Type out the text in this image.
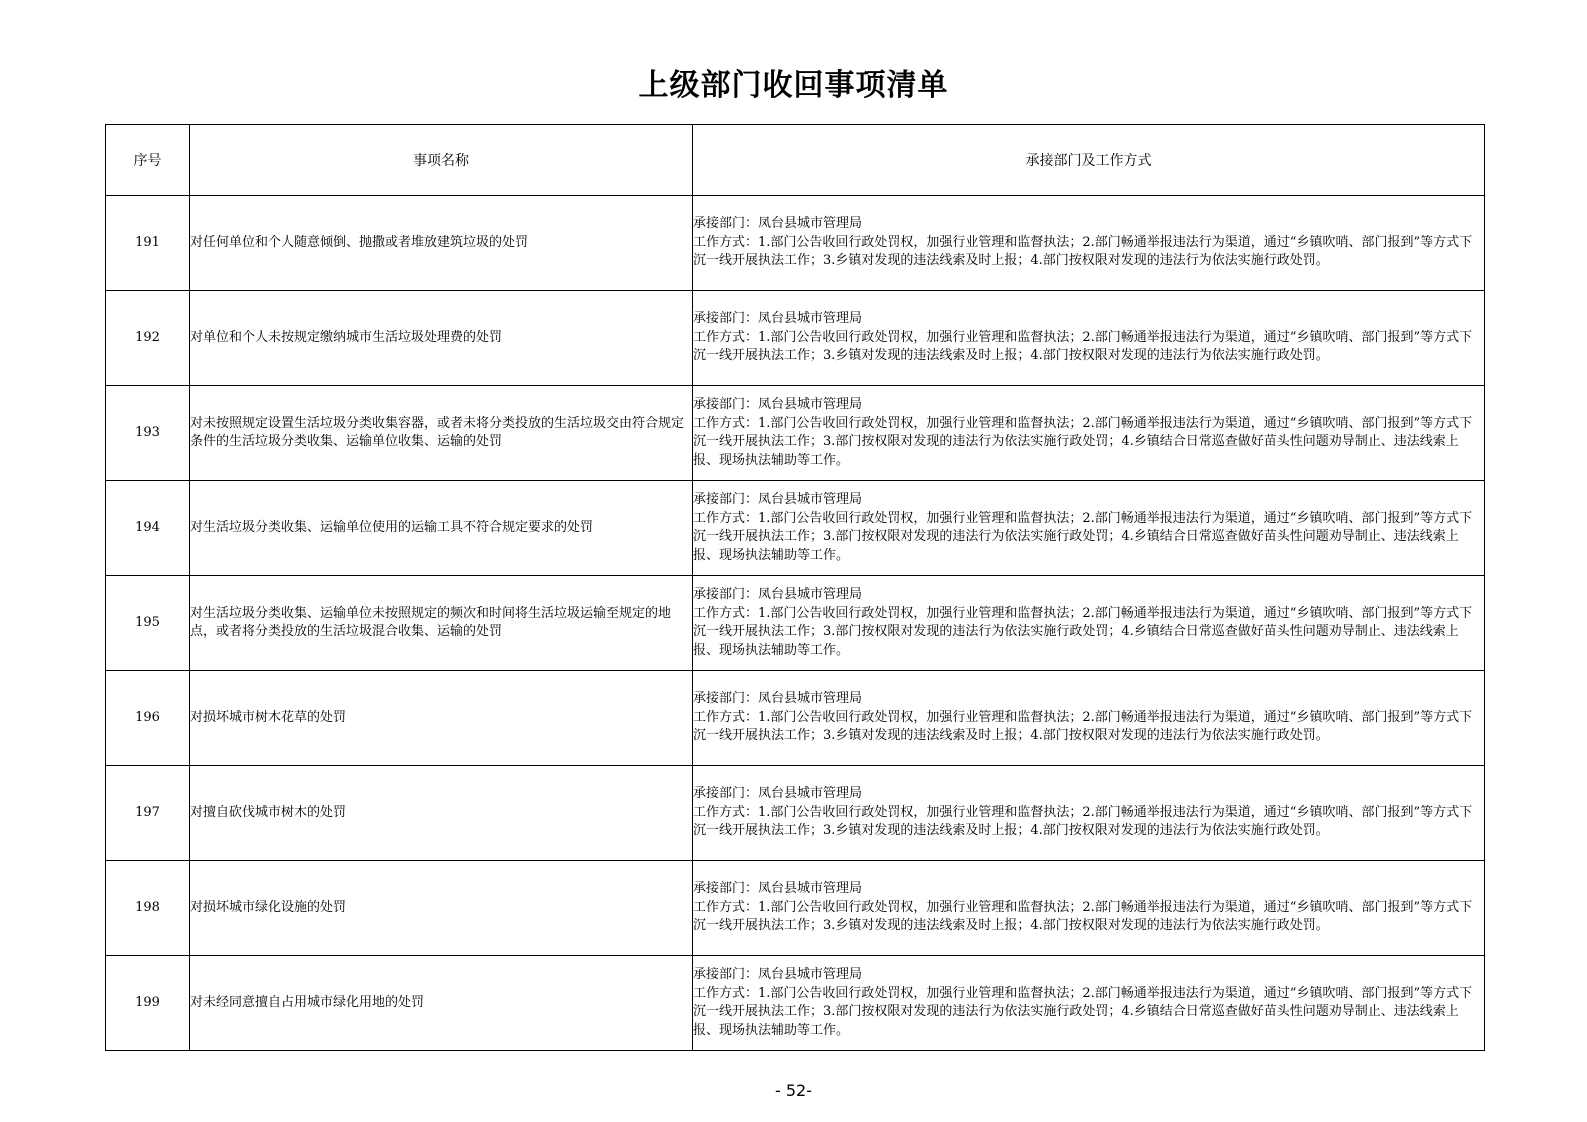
上级部门收回事项清单
序号	事项名称	承接部门及工作方式
191	对任何单位和个人随意倾倒、抛撒或者堆放建筑垃圾的处罚	承接部门：凤台县城市管理局
工作方式：1.部门公告收回行政处罚权，加强行业管理和监督执法；2.部门畅通举报违法行为渠道，通过“乡镇吹哨、部门报到”等方式下沉一线开展执法工作；3.乡镇对发现的违法线索及时上报；4.部门按权限对发现的违法行为依法实施行政处罚。

192	对单位和个人未按规定缴纳城市生活垃圾处理费的处罚	承接部门：凤台县城市管理局
工作方式：1.部门公告收回行政处罚权，加强行业管理和监督执法；2.部门畅通举报违法行为渠道，通过“乡镇吹哨、部门报到”等方式下沉一线开展执法工作；3.乡镇对发现的违法线索及时上报；4.部门按权限对发现的违法行为依法实施行政处罚。

193	对未按照规定设置生活垃圾分类收集容器，或者未将分类投放的生活垃圾交由符合规定条件的生活垃圾分类收集、运输单位收集、运输的处罚	承接部门：凤台县城市管理局
工作方式：1.部门公告收回行政处罚权，加强行业管理和监督执法；2.部门畅通举报违法行为渠道，通过“乡镇吹哨、部门报到”等方式下沉一线开展执法工作；3.部门按权限对发现的违法行为依法实施行政处罚；4.乡镇结合日常巡查做好苗头性问题劝导制止、违法线索上报、现场执法辅助等工作。

194	对生活垃圾分类收集、运输单位使用的运输工具不符合规定要求的处罚	承接部门：凤台县城市管理局
工作方式：1.部门公告收回行政处罚权，加强行业管理和监督执法；2.部门畅通举报违法行为渠道，通过“乡镇吹哨、部门报到”等方式下沉一线开展执法工作；3.部门按权限对发现的违法行为依法实施行政处罚；4.乡镇结合日常巡查做好苗头性问题劝导制止、违法线索上报、现场执法辅助等工作。

195	对生活垃圾分类收集、运输单位未按照规定的频次和时间将生活垃圾运输至规定的地点，或者将分类投放的生活垃圾混合收集、运输的处罚	承接部门：凤台县城市管理局
工作方式：1.部门公告收回行政处罚权，加强行业管理和监督执法；2.部门畅通举报违法行为渠道，通过“乡镇吹哨、部门报到”等方式下沉一线开展执法工作；3.部门按权限对发现的违法行为依法实施行政处罚；4.乡镇结合日常巡查做好苗头性问题劝导制止、违法线索上报、现场执法辅助等工作。

196	对损坏城市树木花草的处罚	承接部门：凤台县城市管理局
工作方式：1.部门公告收回行政处罚权，加强行业管理和监督执法；2.部门畅通举报违法行为渠道，通过“乡镇吹哨、部门报到”等方式下沉一线开展执法工作；3.乡镇对发现的违法线索及时上报；4.部门按权限对发现的违法行为依法实施行政处罚。

197	对擅自砍伐城市树木的处罚	承接部门：凤台县城市管理局
工作方式：1.部门公告收回行政处罚权，加强行业管理和监督执法；2.部门畅通举报违法行为渠道，通过“乡镇吹哨、部门报到”等方式下沉一线开展执法工作；3.乡镇对发现的违法线索及时上报；4.部门按权限对发现的违法行为依法实施行政处罚。

198	对损坏城市绿化设施的处罚	承接部门：凤台县城市管理局
工作方式：1.部门公告收回行政处罚权，加强行业管理和监督执法；2.部门畅通举报违法行为渠道，通过“乡镇吹哨、部门报到”等方式下沉一线开展执法工作；3.乡镇对发现的违法线索及时上报；4.部门按权限对发现的违法行为依法实施行政处罚。

199	对未经同意擅自占用城市绿化用地的处罚	承接部门：凤台县城市管理局
工作方式：1.部门公告收回行政处罚权，加强行业管理和监督执法；2.部门畅通举报违法行为渠道，通过“乡镇吹哨、部门报到”等方式下沉一线开展执法工作；3.部门按权限对发现的违法行为依法实施行政处罚；4.乡镇结合日常巡查做好苗头性问题劝导制止、违法线索上报、现场执法辅助等工作。
- 52-
